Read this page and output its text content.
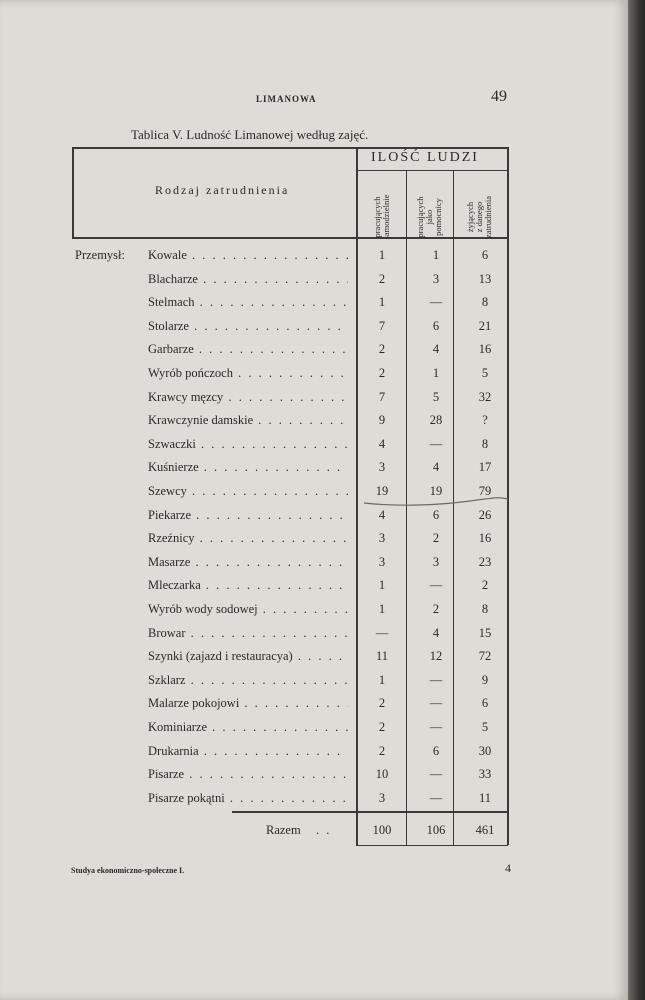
LIMANOWA	49
Tablica V. Ludność Limanowej według zajęć.
Rodzaj zatrudnienia
ILOŚĆ LUDZI
pracujących samodzielnie	pracujących jako pomocnicy	żyjących z danego zatrudnienia
Przemysł: Kowale . . .	1	1	6
Blacharze . . .	2	3	13
Stelmach . . .	1	—	8
Stolarze . . .	7	6	21
Garbarze . . .	2	4	16
Wyrób pończoch . . .	2	1	5
Krawcy męzcy . . .	7	5	32
Krawczynie damskie . . .	9	28	?
Szwaczki . . .	4	—	8
Kuśnierze . . .	3	4	17
Szewcy . . .	19	19	79
Piekarze . . .	4	6	26
Rzeźnicy . . .	3	2	16
Masarze . . .	3	3	23
Mleczarka . . .	1	—	2
Wyrób wody sodowej . . .	1	2	8
Browar . . .	—	4	15
Szynki (zajazd i restauracya) . . .	11	12	72
Szklarz . . .	1	—	9
Malarze pokojowi . . .	2	—	6
Kominiarze . . .	2	—	5
Drukarnia . . .	2	6	30
Pisarze . . .	10	—	33
Pisarze pokątni . . .	3	—	11
Razem . .	100	106	461
Studya ekonomiczno-społeczne I.	4
